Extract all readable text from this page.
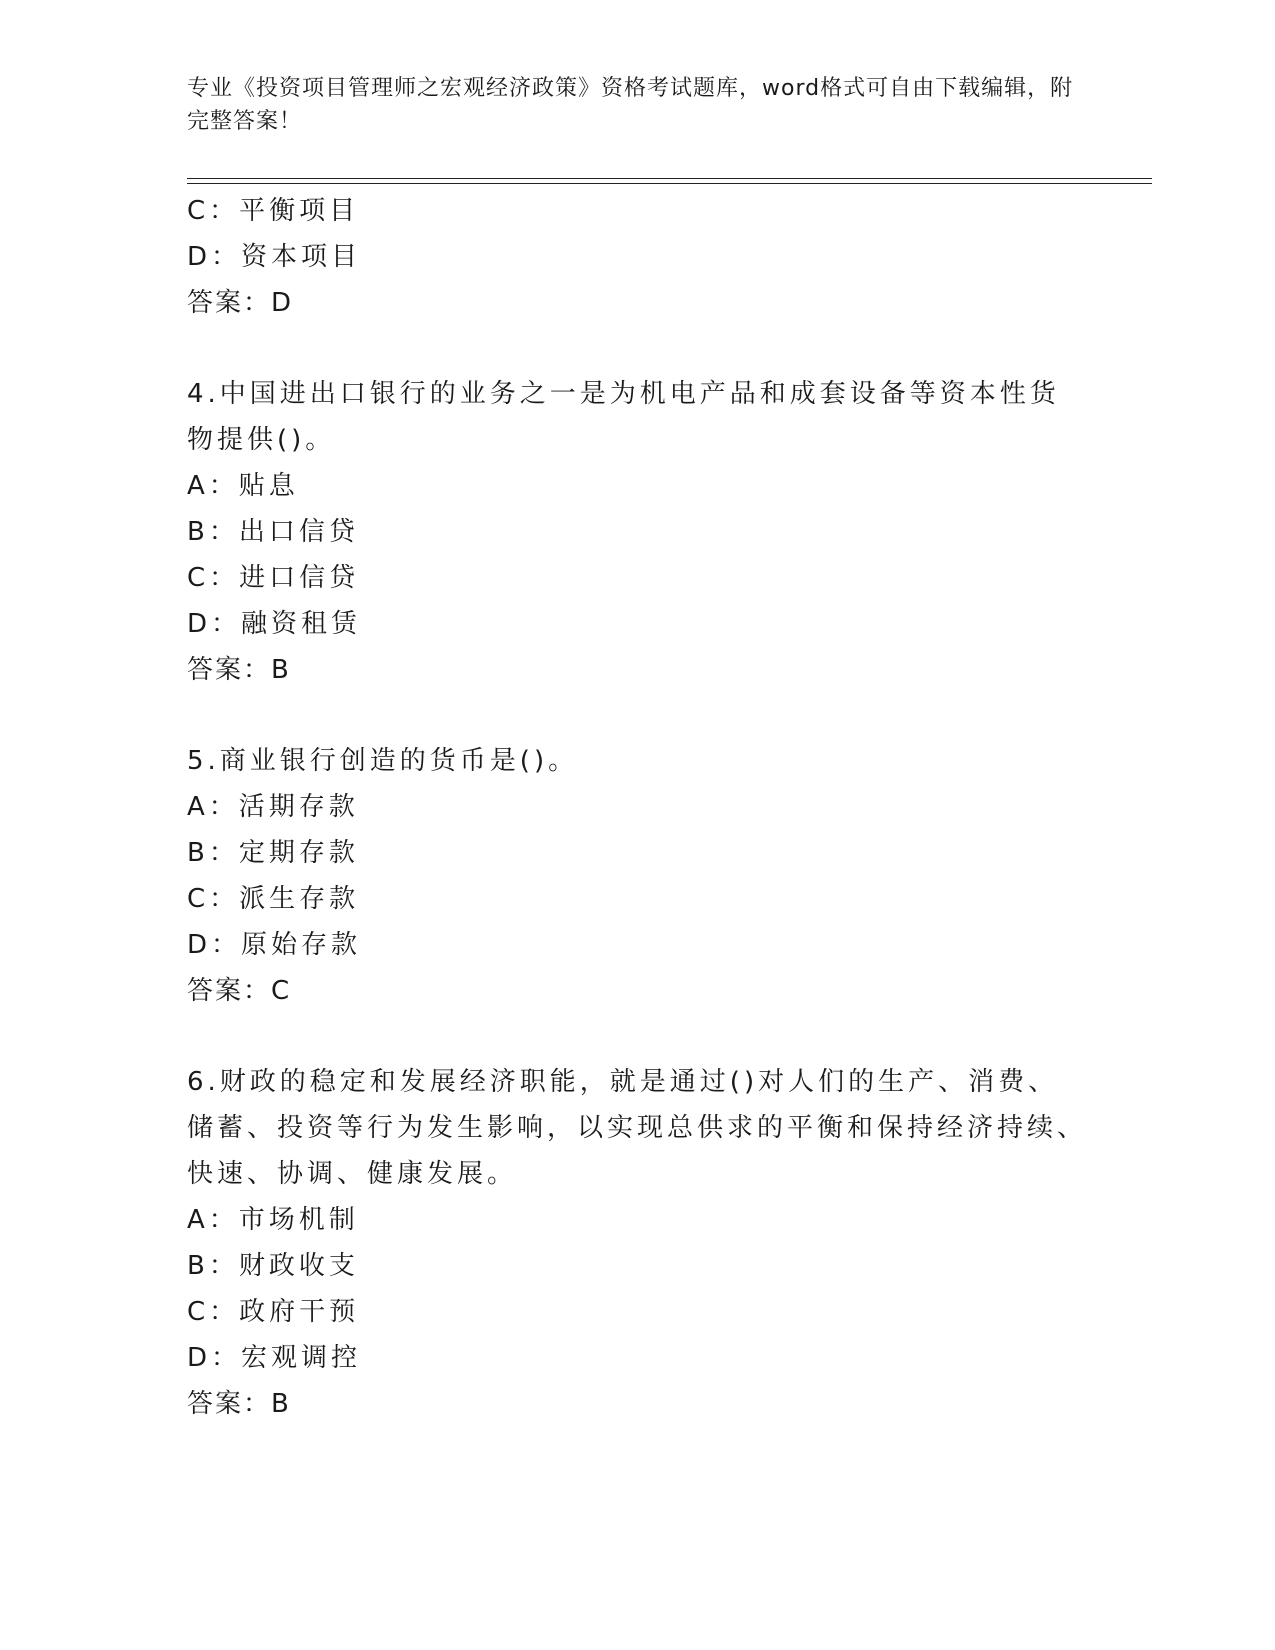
专业《投资项目管理师之宏观经济政策》资格考试题库，word格式可自由下载编辑，附完整答案！
C：平衡项目
D：资本项目
答案：D
4.中国进出口银行的业务之一是为机电产品和成套设备等资本性货物提供()。
A：贴息
B：出口信贷
C：进口信贷
D：融资租赁
答案：B
5.商业银行创造的货币是()。
A：活期存款
B：定期存款
C：派生存款
D：原始存款
答案：C
6.财政的稳定和发展经济职能，就是通过()对人们的生产、消费、储蓄、投资等行为发生影响，以实现总供求的平衡和保持经济持续、快速、协调、健康发展。
A：市场机制
B：财政收支
C：政府干预
D：宏观调控
答案：B
